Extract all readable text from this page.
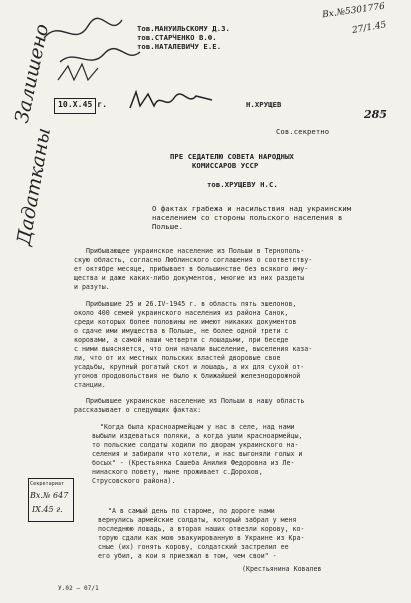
Вх.№5301776
27/1.45
285
Залишено
Дадатканы
10.X.45 г.
Тов.МАНУИЛЬСКОМУ Д.З.
тов.СТАРЧЕНКО В.Ф.
тов.НАТАЛЕВИЧУ Е.Е.
Н.ХРУЩЕВ
Сов.секретно
ПРЕ СЕДАТЕЛЮ СОВЕТА НАРОДНЫХ
КОМИССАРОВ УССР
тов.ХРУЩЕВУ Н.С.
О фактах грабежа и насильствия над украинским
населением со стороны польского населения в
Польше.
Прибывающее украинское население из Польши в Тернополь-
скую область, согласно Люблинского соглашения о соответству-
ет октябре месяце, прибывает в большинстве без всякого иму-
щества и даже каких-либо документов, многие из них раздеты
и разуты.
Прибывшие 25 и 26.IV-1945 г. в область пять эшелонов,
около 400 семей украинского населения из района Санок,
среди которых более половины не имеют никаких документов
о сдаче ими имущества в Польше, не более одной трети с
коровами, а самой наши четверти с лошадьми, при беседе
с ними выясняется, что они начали выселение, выселения каза-
ли, что от их местных польских властей дворовые свое
усадьбы, крупный рогатый скот и лошадь, а их для сухой от-
угонов продовольствия не было к ближайшей железнодорожной
станции.
Прибывшее украинское население из Польши в нашу область
рассказывает о следующих фактах:
"Когда была красноармейцам у нас в селе, над нами
выбыли издеваться поляки, а когда ушли красноармейцы,
то польские солдаты ходили по дворам украинского на-
селения и забирали что хотели, и нас выгоняли голых и
босых" - (Крестьянка Сашеба Анилия Федоровна из Ле-
нинаского повету, ныне проживает с.Дорохов,
Струсовского района).
"А в самый день по староме, по дороге нами
вернулись армейские солдаты, который забрал у меня
последнюю лошадь, а вторая наших отвезли корову, ко-
торую сдали как мою эвакуированную в Украине из Кра-
сные (их) гонять корову, солдатский застрелил ее
его убил, а кои я приезжал в том, чем свои" -
(Крестьянина Ковалев
Секретариат
Вх.№ 647
IX.45 г.
У.02 — 07/1
